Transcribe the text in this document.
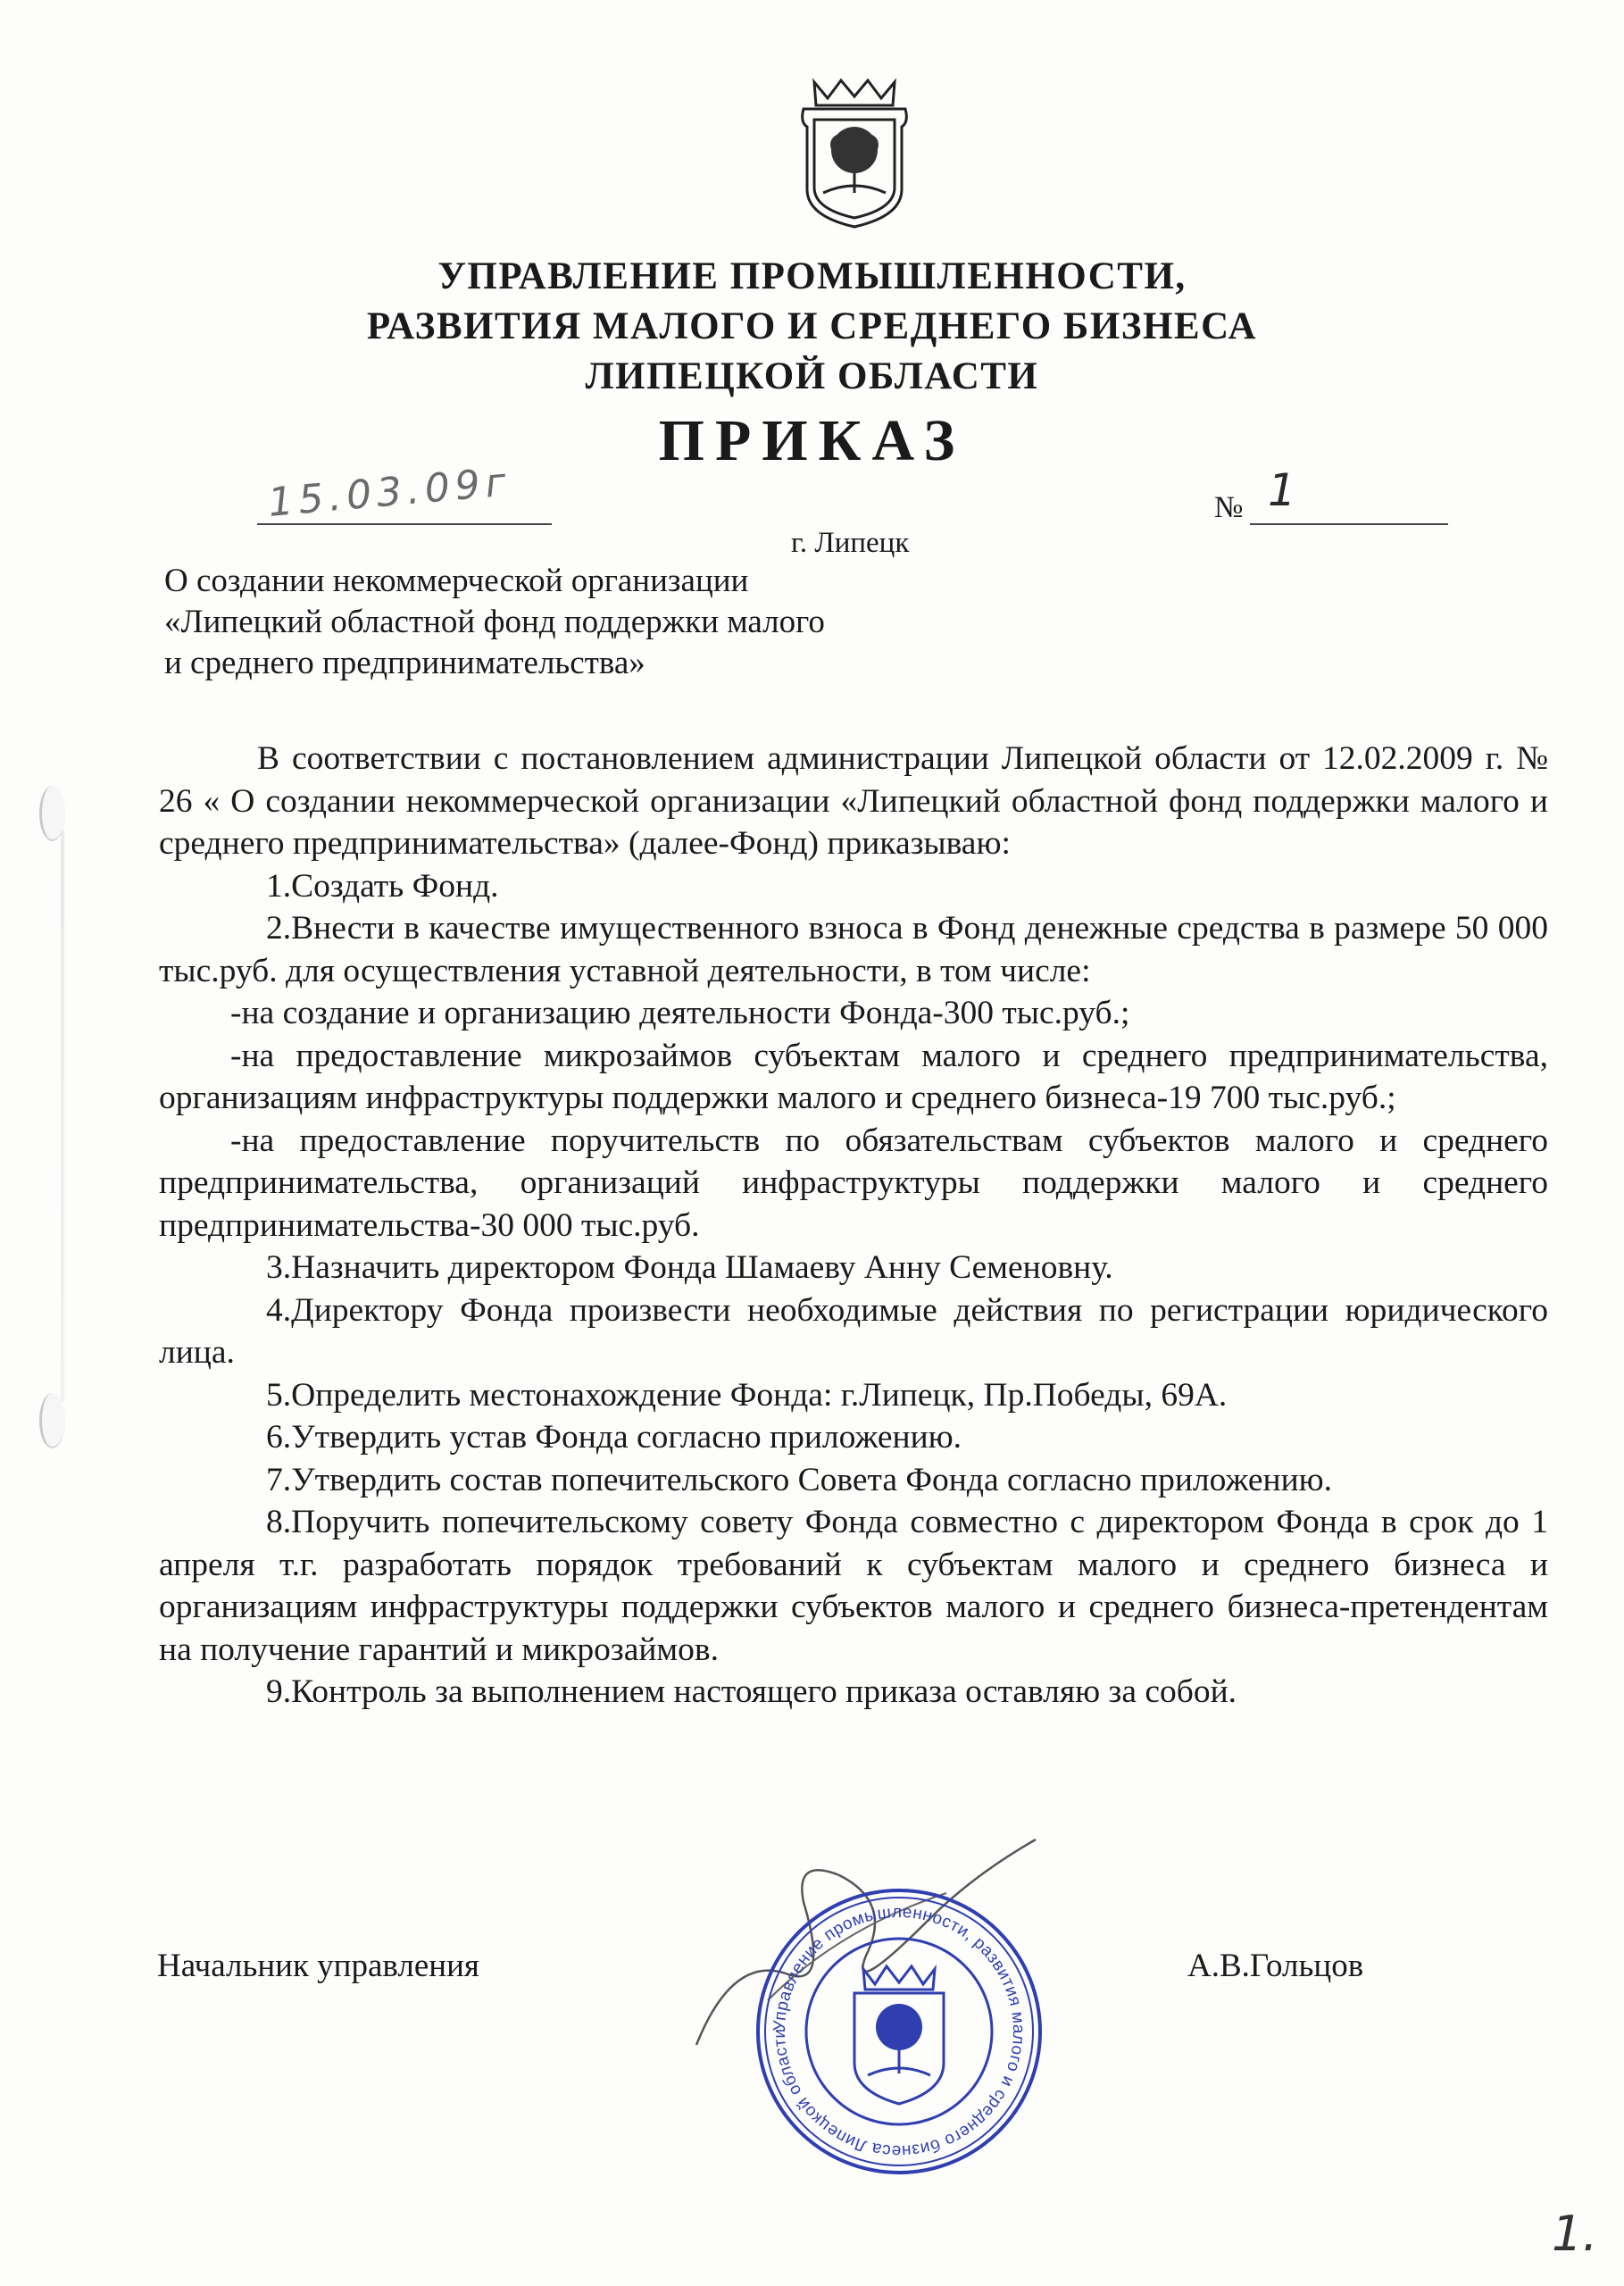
УПРАВЛЕНИЕ ПРОМЫШЛЕННОСТИ,
РАЗВИТИЯ МАЛОГО И СРЕДНЕГО БИЗНЕСА
ЛИПЕЦКОЙ ОБЛАСТИ
ПРИКАЗ
15.03.09г	№ 1
г. Липецк
О создании некоммерческой организации
«Липецкий областной фонд поддержки малого
и среднего предпринимательства»
В соответствии с постановлением администрации Липецкой области от 12.02.2009 г. № 26 « О создании некоммерческой организации «Липецкий областной фонд поддержки малого и среднего предпринимательства» (далее-Фонд) приказываю:
1.Создать Фонд.
2.Внести в качестве имущественного взноса в Фонд денежные средства в размере 50 000 тыс.руб. для осуществления уставной деятельности, в том числе:
-на создание и организацию деятельности Фонда-300 тыс.руб.;
-на предоставление микрозаймов субъектам малого и среднего предпринимательства, организациям инфраструктуры поддержки малого и среднего бизнеса-19 700 тыс.руб.;
-на предоставление поручительств по обязательствам субъектов малого и среднего предпринимательства, организаций инфраструктуры поддержки малого и среднего предпринимательства-30 000 тыс.руб.
3.Назначить директором Фонда Шамаеву Анну Семеновну.
4.Директору Фонда произвести необходимые действия по регистрации юридического лица.
5.Определить местонахождение Фонда: г.Липецк, Пр.Победы, 69А.
6.Утвердить устав Фонда согласно приложению.
7.Утвердить состав попечительского Совета Фонда согласно приложению.
8.Поручить попечительскому совету Фонда совместно с директором Фонда в срок до 1 апреля т.г. разработать порядок требований к субъектам малого и среднего бизнеса и организациям инфраструктуры поддержки субъектов малого и среднего бизнеса-претендентам на получение гарантий и микрозаймов.
9.Контроль за выполнением настоящего приказа оставляю за собой.
Управление промышленности, развития малого и среднего бизнеса Липецкой области
Начальник управления	А.В.Гольцов
1.
